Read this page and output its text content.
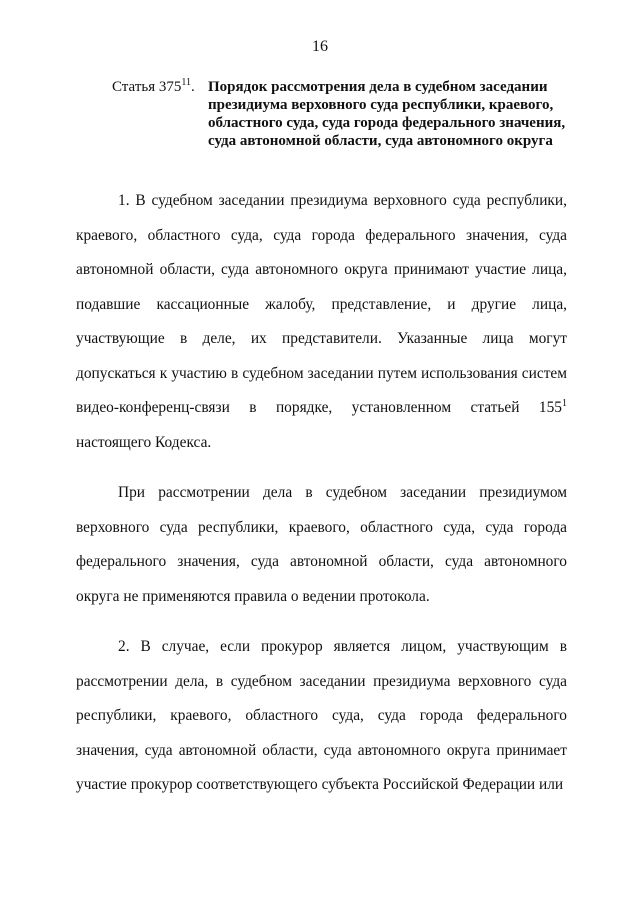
16
Статья $375^{11}$. Порядок рассмотрения дела в судебном заседании президиума верховного суда республики, краевого, областного суда, суда города федерального значения, суда автономной области, суда автономного округа

1. В судебном заседании президиума верховного суда республики, краевого, областного суда, суда города федерального значения, суда автономной области, суда автономного округа принимают участие лица, подавшие кассационные жалобу, представление, и другие лица, участвующие в деле, их представители. Указанные лица могут допускаться к участию в судебном заседании путем использования систем видео-конференц-связи в порядке, установленном статьей $155^1$ настоящего Кодекса.

При рассмотрении дела в судебном заседании президиумом верховного суда республики, краевого, областного суда, суда города федерального значения, суда автономной области, суда автономного округа не применяются правила о ведении протокола.

2. В случае, если прокурор является лицом, участвующим в рассмотрении дела, в судебном заседании президиума верховного суда республики, краевого, областного суда, суда города федерального значения, суда автономной области, суда автономного округа принимает участие прокурор соответствующего субъекта Российской Федерации или
